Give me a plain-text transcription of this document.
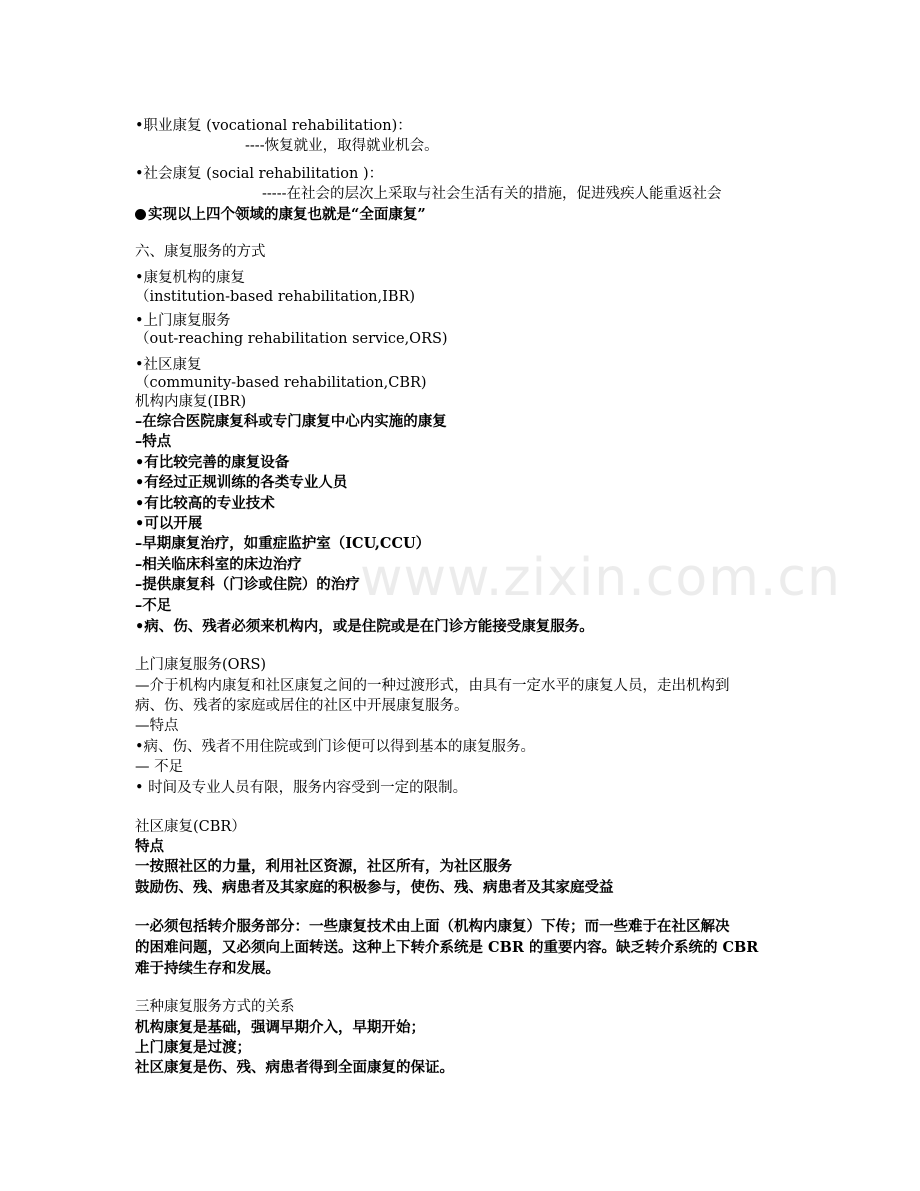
www.zixin.com.cn
•职业康复 (vocational rehabilitation)：
----恢复就业，取得就业机会。
•社会康复 (social rehabilitation )：
-----在社会的层次上采取与社会生活有关的措施，促进残疾人能重返社会
实现以上四个领域的康复也就是“全面康复”
六、康复服务的方式
•康复机构的康复
（institution-based rehabilitation,IBR)
•上门康复服务
（out-reaching rehabilitation service,ORS)
•社区康复
（community-based rehabilitation,CBR)
机构内康复(IBR)
–在综合医院康复科或专门康复中心内实施的康复
–特点
•有比较完善的康复设备
•有经过正规训练的各类专业人员
•有比较高的专业技术
•可以开展
–早期康复治疗，如重症监护室（ICU,CCU）
–相关临床科室的床边治疗
–提供康复科（门诊或住院）的治疗
–不足
•病、伤、残者必须来机构内，或是住院或是在门诊方能接受康复服务。
上门康复服务(ORS)
—介于机构内康复和社区康复之间的一种过渡形式，由具有一定水平的康复人员，走出机构到
病、伤、残者的家庭或居住的社区中开展康复服务。
—特点
•病、伤、残者不用住院或到门诊便可以得到基本的康复服务。
— 不足
• 时间及专业人员有限，服务内容受到一定的限制。
社区康复(CBR）
特点
一按照社区的力量，利用社区资源，社区所有，为社区服务
鼓励伤、残、病患者及其家庭的积极参与，使伤、残、病患者及其家庭受益
一必须包括转介服务部分：一些康复技术由上面（机构内康复）下传；而一些难于在社区解决
的困难问题，又必须向上面转送。这种上下转介系统是 CBR 的重要内容。缺乏转介系统的 CBR
难于持续生存和发展。
三种康复服务方式的关系
机构康复是基础，强调早期介入，早期开始；
上门康复是过渡；
社区康复是伤、残、病患者得到全面康复的保证。
